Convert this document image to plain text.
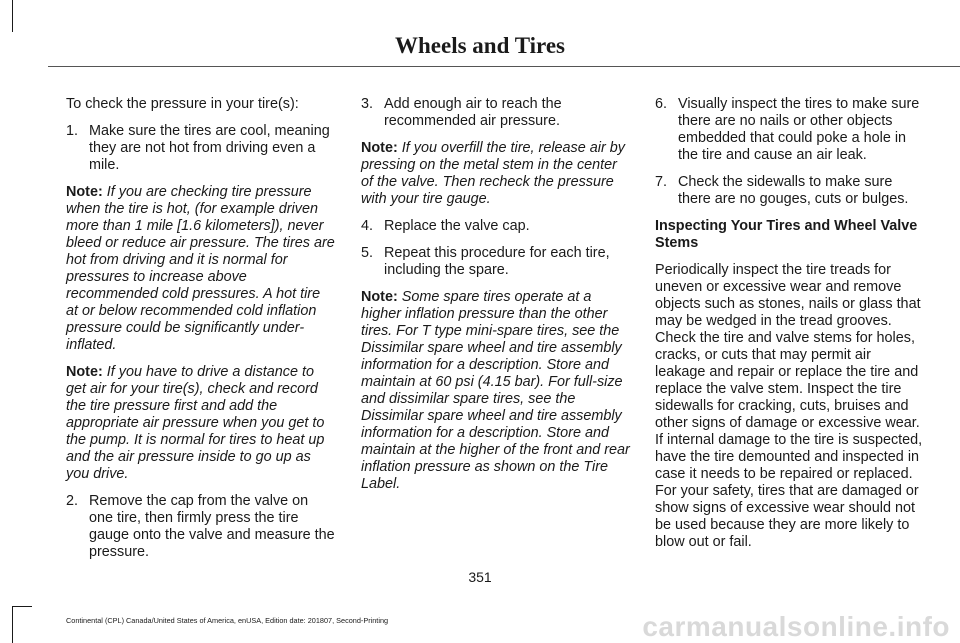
Wheels and Tires

To check the pressure in your tire(s):

1. Make sure the tires are cool, meaning they are not hot from driving even a mile.

Note: If you are checking tire pressure when the tire is hot, (for example driven more than 1 mile [1.6 kilometers]), never bleed or reduce air pressure. The tires are hot from driving and it is normal for pressures to increase above recommended cold pressures. A hot tire at or below recommended cold inflation pressure could be significantly under-inflated.

Note: If you have to drive a distance to get air for your tire(s), check and record the tire pressure first and add the appropriate air pressure when you get to the pump. It is normal for tires to heat up and the air pressure inside to go up as you drive.

2. Remove the cap from the valve on one tire, then firmly press the tire gauge onto the valve and measure the pressure.
3. Add enough air to reach the recommended air pressure.

Note: If you overfill the tire, release air by pressing on the metal stem in the center of the valve. Then recheck the pressure with your tire gauge.

4. Replace the valve cap.
5. Repeat this procedure for each tire, including the spare.

Note: Some spare tires operate at a higher inflation pressure than the other tires. For T type mini-spare tires, see the Dissimilar spare wheel and tire assembly information for a description. Store and maintain at 60 psi (4.15 bar). For full-size and dissimilar spare tires, see the Dissimilar spare wheel and tire assembly information for a description. Store and maintain at the higher of the front and rear inflation pressure as shown on the Tire Label.

6. Visually inspect the tires to make sure there are no nails or other objects embedded that could poke a hole in the tire and cause an air leak.
7. Check the sidewalls to make sure there are no gouges, cuts or bulges.
Inspecting Your Tires and Wheel Valve Stems

Periodically inspect the tire treads for uneven or excessive wear and remove objects such as stones, nails or glass that may be wedged in the tread grooves. Check the tire and valve stems for holes, cracks, or cuts that may permit air leakage and repair or replace the tire and replace the valve stem. Inspect the tire sidewalls for cracking, cuts, bruises and other signs of damage or excessive wear. If internal damage to the tire is suspected, have the tire demounted and inspected in case it needs to be repaired or replaced. For your safety, tires that are damaged or show signs of excessive wear should not be used because they are more likely to blow out or fail.

351
Continental (CPL) Canada/United States of America, enUSA, Edition date: 201807, Second-Printing	carmanualsonline.info
